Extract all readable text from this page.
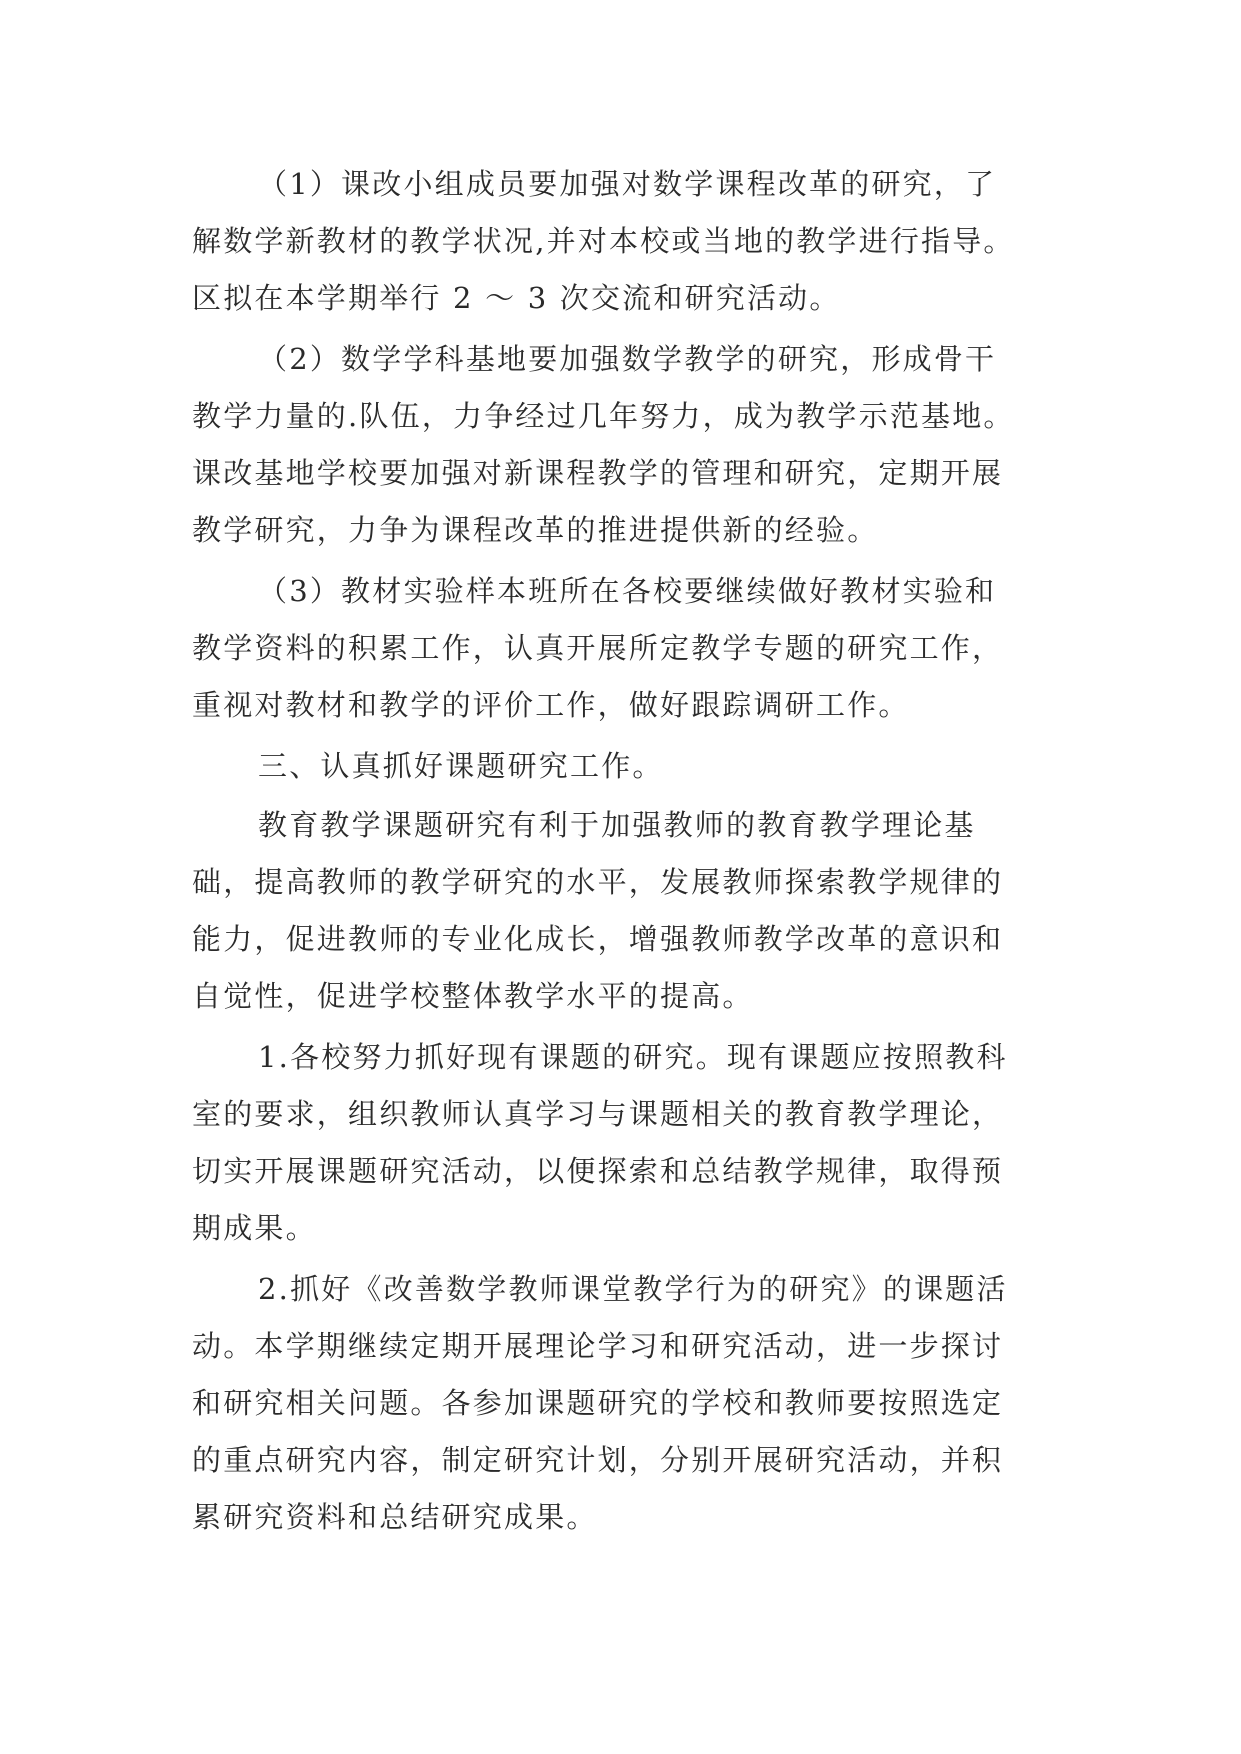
（1）课改小组成员要加强对数学课程改革的研究，了
解数学新教材的教学状况,并对本校或当地的教学进行指导。
区拟在本学期举行 2 ～ 3 次交流和研究活动。
（2）数学学科基地要加强数学教学的研究，形成骨干
教学力量的.队伍，力争经过几年努力，成为教学示范基地。
课改基地学校要加强对新课程教学的管理和研究，定期开展
教学研究，力争为课程改革的推进提供新的经验。
（3）教材实验样本班所在各校要继续做好教材实验和
教学资料的积累工作，认真开展所定教学专题的研究工作，
重视对教材和教学的评价工作，做好跟踪调研工作。
三、认真抓好课题研究工作。
教育教学课题研究有利于加强教师的教育教学理论基
础，提高教师的教学研究的水平，发展教师探索教学规律的
能力，促进教师的专业化成长，增强教师教学改革的意识和
自觉性，促进学校整体教学水平的提高。
1.各校努力抓好现有课题的研究。现有课题应按照教科
室的要求，组织教师认真学习与课题相关的教育教学理论，
切实开展课题研究活动，以便探索和总结教学规律，取得预
期成果。
2.抓好《改善数学教师课堂教学行为的研究》的课题活
动。本学期继续定期开展理论学习和研究活动，进一步探讨
和研究相关问题。各参加课题研究的学校和教师要按照选定
的重点研究内容，制定研究计划，分别开展研究活动，并积
累研究资料和总结研究成果。
